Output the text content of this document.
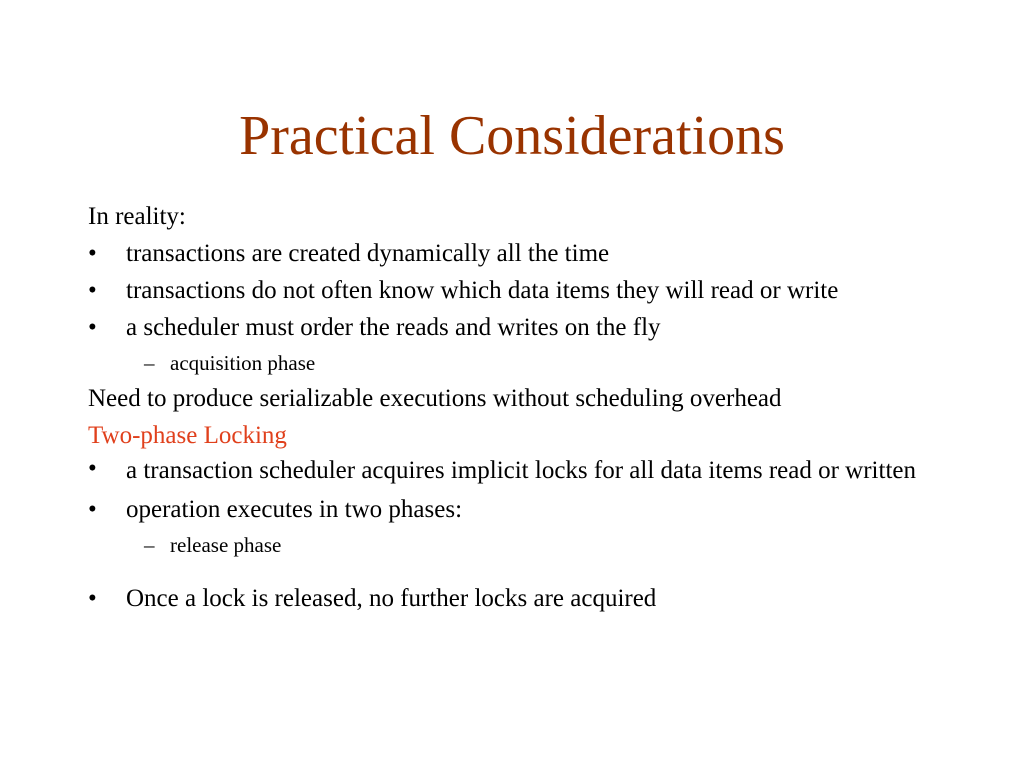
Practical Considerations
In reality:
• transactions are created dynamically all the time
• transactions do not often know which data items they will read or write
• a scheduler must order the reads and writes on the fly
– acquisition phase
Need to produce serializable executions without scheduling overhead
Two-phase Locking
• a transaction scheduler acquires implicit locks for all data items read or written
• operation executes in two phases:
– release phase
• Once a lock is released, no further locks are acquired
